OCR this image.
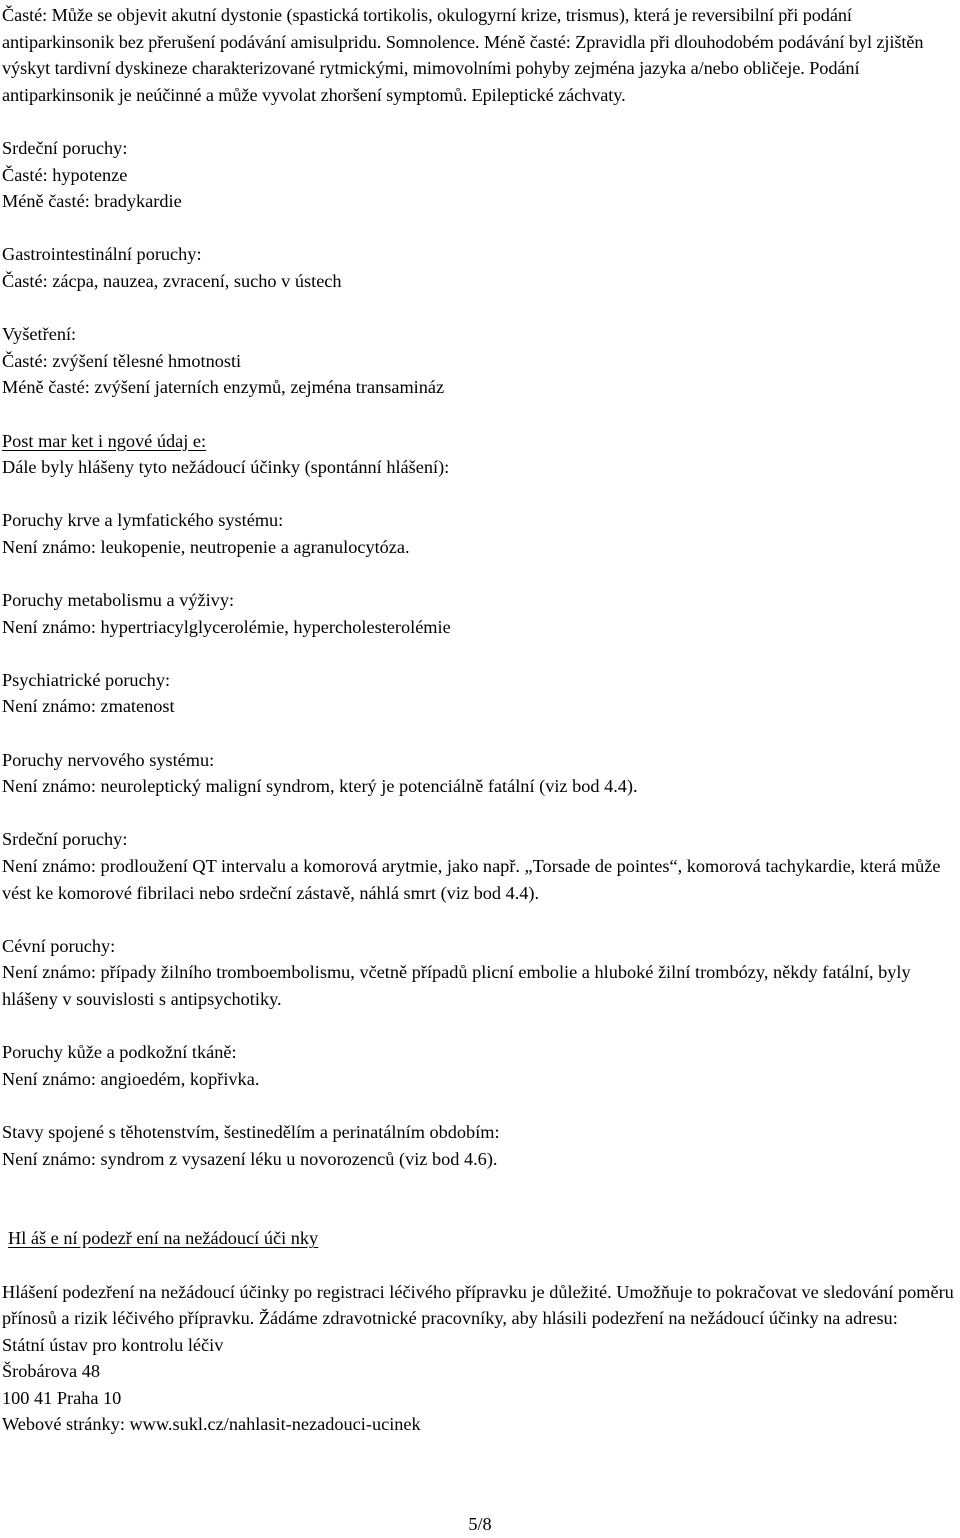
Časté: Může se objevit akutní dystonie (spastická tortikolis, okulogyrní krize, trismus), která je reversibilní při podání antiparkinsonik bez přerušení podávání amisulpridu. Somnolence. Méně časté: Zpravidla při dlouhodobém podávání byl zjištěn výskyt tardivní dyskineze charakterizované rytmickými, mimovolními pohyby zejména jazyka a/nebo obličeje. Podání antiparkinsonik je neúčinné a může vyvolat zhoršení symptomů. Epileptické záchvaty.

Srdeční poruchy:

Časté: hypotenze

Méně časté: bradykardie

Gastrointestinální poruchy:

Časté: zácpa, nauzea, zvracení, sucho v ústech

Vyšetření:

Časté: zvýšení tělesné hmotnosti

Méně časté: zvýšení jaterních enzymů, zejména transamináz

Post mar ket i ngové údaj e:

Dále byly hlášeny tyto nežádoucí účinky (spontánní hlášení):

Poruchy krve a lymfatického systému:

Není známo: leukopenie, neutropenie a agranulocytóza.

Poruchy metabolismu a výživy:

Není známo: hypertriacylglycerolémie, hypercholesterolémie

Psychiatrické poruchy:

Není známo: zmatenost

Poruchy nervového systému:

Není známo: neuroleptický maligní syndrom, který je potenciálně fatální (viz bod 4.4).

Srdeční poruchy:

Není známo: prodloužení QT intervalu a komorová arytmie, jako např. „Torsade de pointes“, komorová tachykardie, která může vést ke komorové fibrilaci nebo srdeční zástavě, náhlá smrt (viz bod 4.4).

Cévní poruchy:

Není známo: případy žilního tromboembolismu, včetně případů plicní embolie a hluboké žilní trombózy, někdy fatální, byly hlášeny v souvislosti s antipsychotiky.

Poruchy kůže a podkožní tkáně:

Není známo: angioedém, kopřivka.

Stavy spojené s těhotenstvím, šestinedělím a perinatálním obdobím:

Není známo: syndrom z vysazení léku u novorozenců (viz bod 4.6).

Hl áš e ní podezř ení na nežádoucí úči nky

Hlášení podezření na nežádoucí účinky po registraci léčivého přípravku je důležité. Umožňuje to pokračovat ve sledování poměru přínosů a rizik léčivého přípravku. Žádáme zdravotnické pracovníky, aby hlásili podezření na nežádoucí účinky na adresu:

Státní ústav pro kontrolu léčiv

Šrobárova 48

100 41 Praha 10

Webové stránky: www.sukl.cz/nahlasit-nezadouci-ucinek

5/8
